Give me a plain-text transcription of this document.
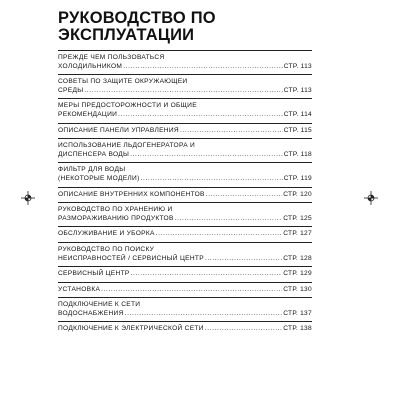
РУКОВОДСТВО ПО
ЭКСПЛУАТАЦИИ
ПРЕЖДЕ ЧЕМ ПОЛЬЗОВАТЬСЯ
ХОЛОДИЛЬНИКОМ .....	СТР. 113
СОВЕТЫ ПО ЗАЩИТЕ ОКРУЖАЮЩЕЙ
СРЕДЫ .....	СТР. 113
МЕРЫ ПРЕДОСТОРОЖНОСТИ И ОБЩИЕ
РЕКОМЕНДАЦИИ .....	СТР. 114
ОПИСАНИЕ ПАНЕЛИ УПРАВЛЕНИЯ .....	СТР. 115
ИСПОЛЬЗОВАНИЕ ЛЬДОГЕНЕРАТОРА И
ДИСПЕНСЕРА ВОДЫ .....	СТР. 118
ФИЛЬТР ДЛЯ ВОДЫ
(НЕКОТОРЫЕ МОДЕЛИ) .....	СТР. 119
ОПИСАНИЕ ВНУТРЕННИХ КОМПОНЕНТОВ .....	СТР. 120
РУКОВОДСТВО ПО ХРАНЕНИЮ И
РАЗМОРАЖИВАНИЮ ПРОДУКТОВ .....	СТР. 125
ОБСЛУЖИВАНИЕ И УБОРКА .....	СТР. 127
РУКОВОДСТВО ПО ПОИСКУ
НЕИСПРАВНОСТЕЙ / СЕРВИСНЫЙ ЦЕНТР .....	СТР. 128
СЕРВИСНЫЙ ЦЕНТР .....	СТР. 129
УСТАНОВКА .....	СТР. 130
ПОДКЛЮЧЕНИЕ К СЕТИ
ВОДОСНАБЖЕНИЯ .....	СТР. 137
ПОДКЛЮЧЕНИЕ К ЭЛЕКТРИЧЕСКОЙ СЕТИ .....	СТР. 138
